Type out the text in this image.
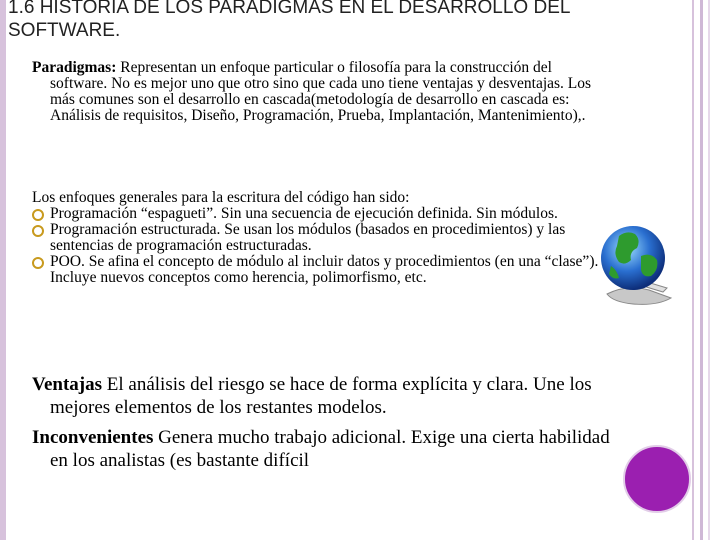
1.6 HISTORIA DE LOS PARADIGMAS EN EL DESARROLLO DEL SOFTWARE.

Paradigmas: Representan un enfoque particular o filosofía para la construcción del software. No es mejor uno que otro sino que cada uno tiene ventajas y desventajas. Los más comunes son el desarrollo en cascada(metodología de desarrollo en cascada es: Análisis de requisitos, Diseño, Programación, Prueba, Implantación, Mantenimiento),.

Los enfoques generales para la escritura del código han sido:
Programación “espagueti”. Sin una secuencia de ejecución definida. Sin módulos.
Programación estructurada. Se usan los módulos (basados en procedimientos) y las sentencias de programación estructuradas.
POO. Se afina el concepto de módulo al incluir datos y procedimientos (en una “clase”). Incluye nuevos conceptos como herencia, polimorfismo, etc.

Ventajas El análisis del riesgo se hace de forma explícita y clara. Une los mejores elementos de los restantes modelos.

Inconvenientes Genera mucho trabajo adicional. Exige una cierta habilidad en los analistas (es bastante difícil
